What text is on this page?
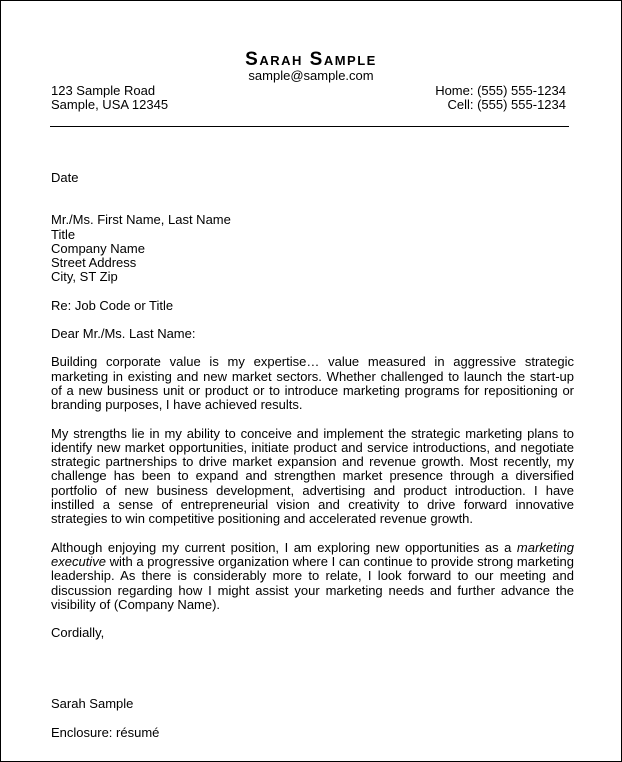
Sarah Sample
sample@sample.com
123 Sample Road
Sample, USA 12345
Home: (555) 555-1234
Cell: (555) 555-1234

Date

Mr./Ms. First Name, Last Name
Title
Company Name
Street Address
City, ST Zip

Re: Job Code or Title

Dear Mr./Ms. Last Name:

Building corporate value is my expertise… value measured in aggressive strategic marketing in existing and new market sectors. Whether challenged to launch the start-up of a new business unit or product or to introduce marketing programs for repositioning or branding purposes, I have achieved results.

My strengths lie in my ability to conceive and implement the strategic marketing plans to identify new market opportunities, initiate product and service introductions, and negotiate strategic partnerships to drive market expansion and revenue growth. Most recently, my challenge has been to expand and strengthen market presence through a diversified portfolio of new business development, advertising and product introduction. I have instilled a sense of entrepreneurial vision and creativity to drive forward innovative strategies to win competitive positioning and accelerated revenue growth.

Although enjoying my current position, I am exploring new opportunities as a marketing executive with a progressive organization where I can continue to provide strong marketing leadership. As there is considerably more to relate, I look forward to our meeting and discussion regarding how I might assist your marketing needs and further advance the visibility of (Company Name).

Cordially,

Sarah Sample

Enclosure: résumé
